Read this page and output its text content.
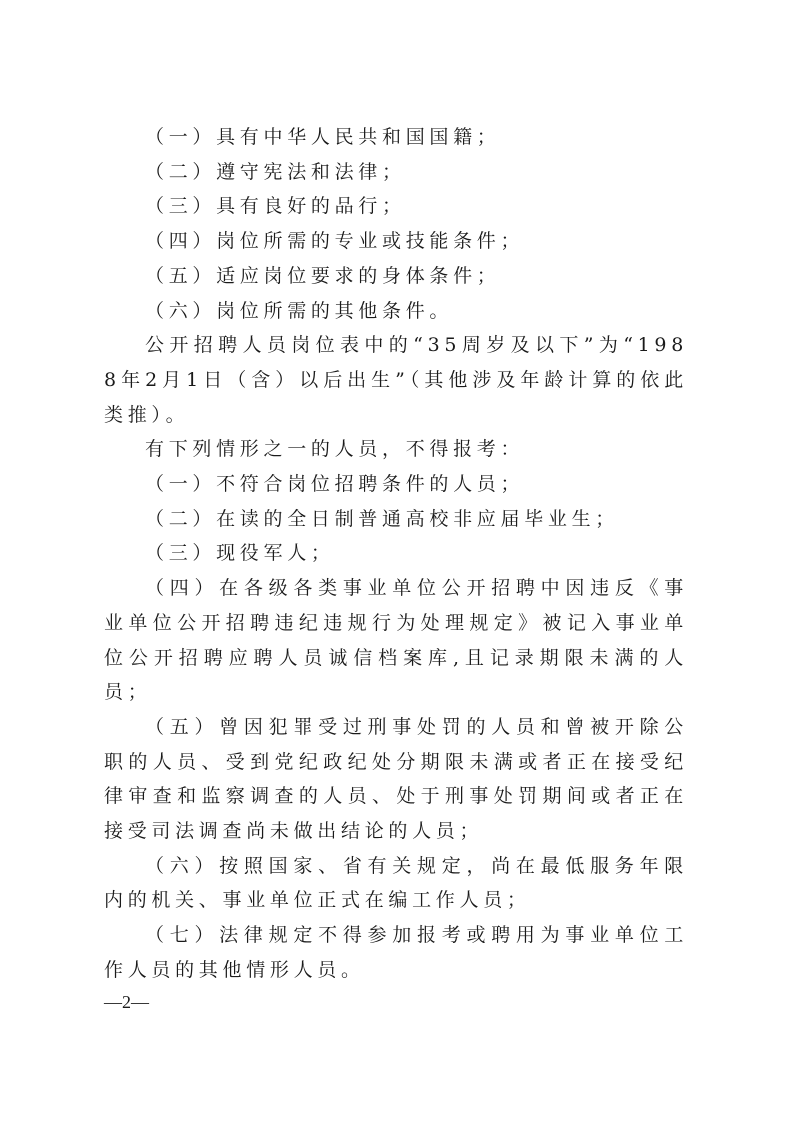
（一）具有中华人民共和国国籍；

（二）遵守宪法和法律；

（三）具有良好的品行；

（四）岗位所需的专业或技能条件；

（五）适应岗位要求的身体条件；

（六）岗位所需的其他条件。

公开招聘人员岗位表中的“35周岁及以下”为“1988年2月1日（含）以后出生”（其他涉及年龄计算的依此类推）。

有下列情形之一的人员，不得报考：

（一）不符合岗位招聘条件的人员；

（二）在读的全日制普通高校非应届毕业生；

（三）现役军人；

（四）在各级各类事业单位公开招聘中因违反《事业单位公开招聘违纪违规行为处理规定》被记入事业单位公开招聘应聘人员诚信档案库,且记录期限未满的人员；

（五）曾因犯罪受过刑事处罚的人员和曾被开除公职的人员、受到党纪政纪处分期限未满或者正在接受纪律审查和监察调查的人员、处于刑事处罚期间或者正在接受司法调查尚未做出结论的人员；

（六）按照国家、省有关规定，尚在最低服务年限内的机关、事业单位正式在编工作人员；

（七）法律规定不得参加报考或聘用为事业单位工作人员的其他情形人员。

—2—
